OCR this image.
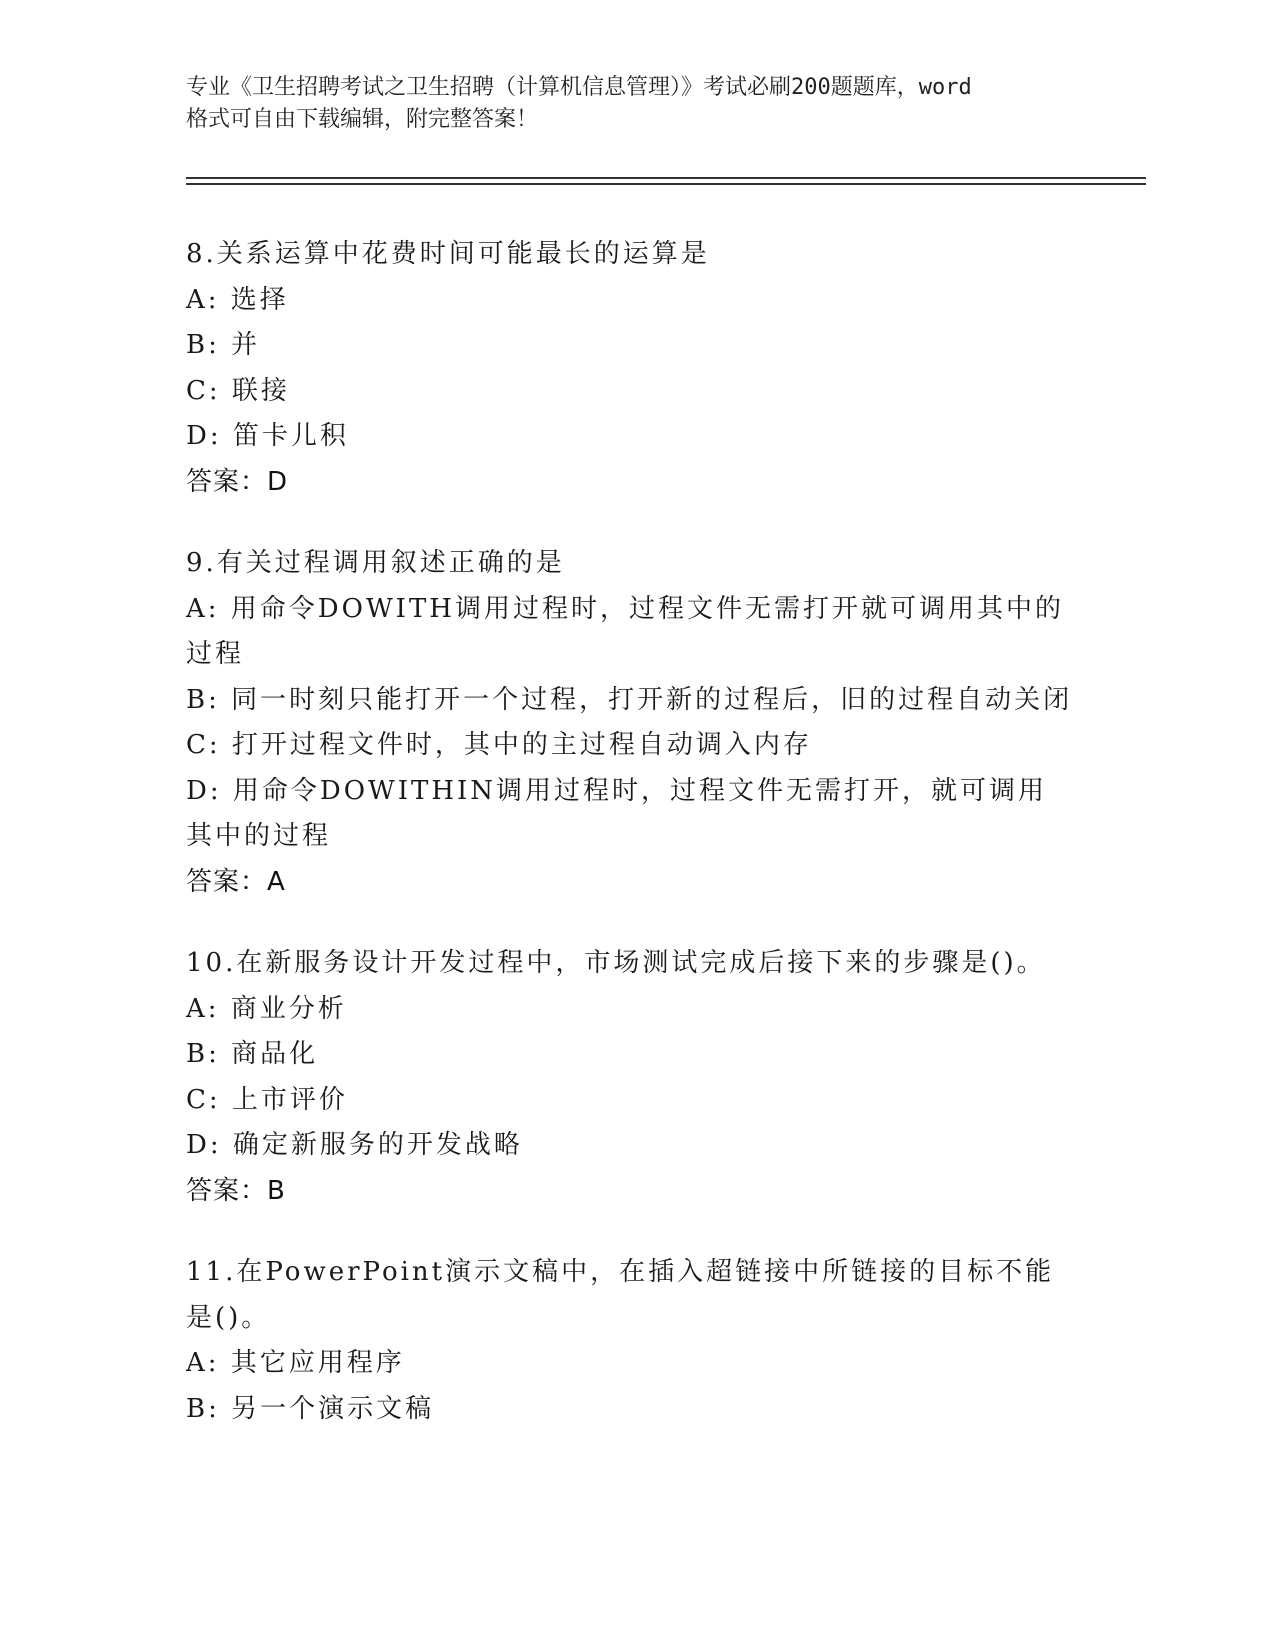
专业《卫生招聘考试之卫生招聘（计算机信息管理）》考试必刷200题题库，word
格式可自由下载编辑，附完整答案！
8.关系运算中花费时间可能最长的运算是
A: 选择
B: 并
C: 联接
D: 笛卡儿积
答案：D
9.有关过程调用叙述正确的是
A: 用命令DOWITH调用过程时，过程文件无需打开就可调用其中的过程
B: 同一时刻只能打开一个过程，打开新的过程后，旧的过程自动关闭
C: 打开过程文件时，其中的主过程自动调入内存
D: 用命令DOWITHIN调用过程时，过程文件无需打开，就可调用其中的过程
答案：A
10.在新服务设计开发过程中，市场测试完成后接下来的步骤是()。
A: 商业分析
B: 商品化
C: 上市评价
D: 确定新服务的开发战略
答案：B
11.在PowerPoint演示文稿中，在插入超链接中所链接的目标不能是()。
A: 其它应用程序
B: 另一个演示文稿
